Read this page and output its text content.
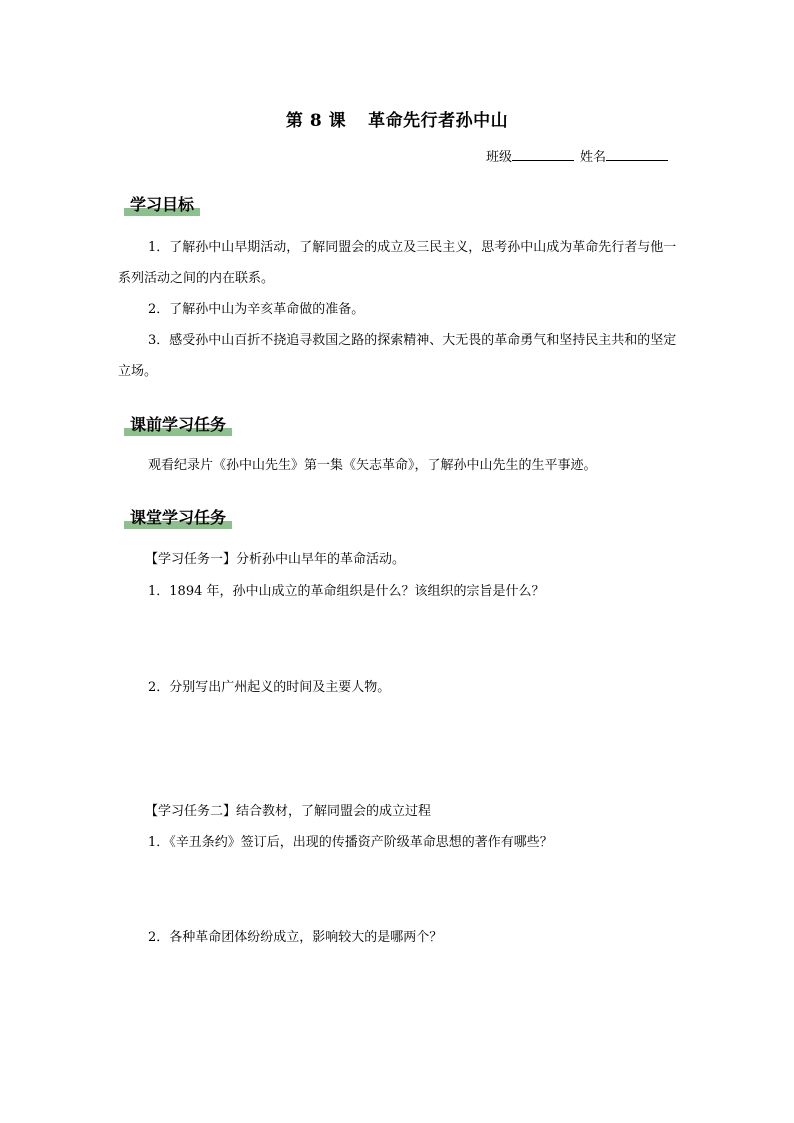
第 8 课 革命先行者孙中山
班级	姓名
学习目标
1．了解孙中山早期活动，了解同盟会的成立及三民主义，思考孙中山成为革命先行者与他一系列活动之间的内在联系。
2．了解孙中山为辛亥革命做的准备。
3．感受孙中山百折不挠追寻救国之路的探索精神、大无畏的革命勇气和坚持民主共和的坚定立场。
课前学习任务
观看纪录片《孙中山先生》第一集《矢志革命》，了解孙中山先生的生平事迹。
课堂学习任务
【学习任务一】分析孙中山早年的革命活动。
1．1894 年，孙中山成立的革命组织是什么？该组织的宗旨是什么？
2．分别写出广州起义的时间及主要人物。
【学习任务二】结合教材，了解同盟会的成立过程
1．《辛丑条约》签订后，出现的传播资产阶级革命思想的著作有哪些？
2．各种革命团体纷纷成立，影响较大的是哪两个？
